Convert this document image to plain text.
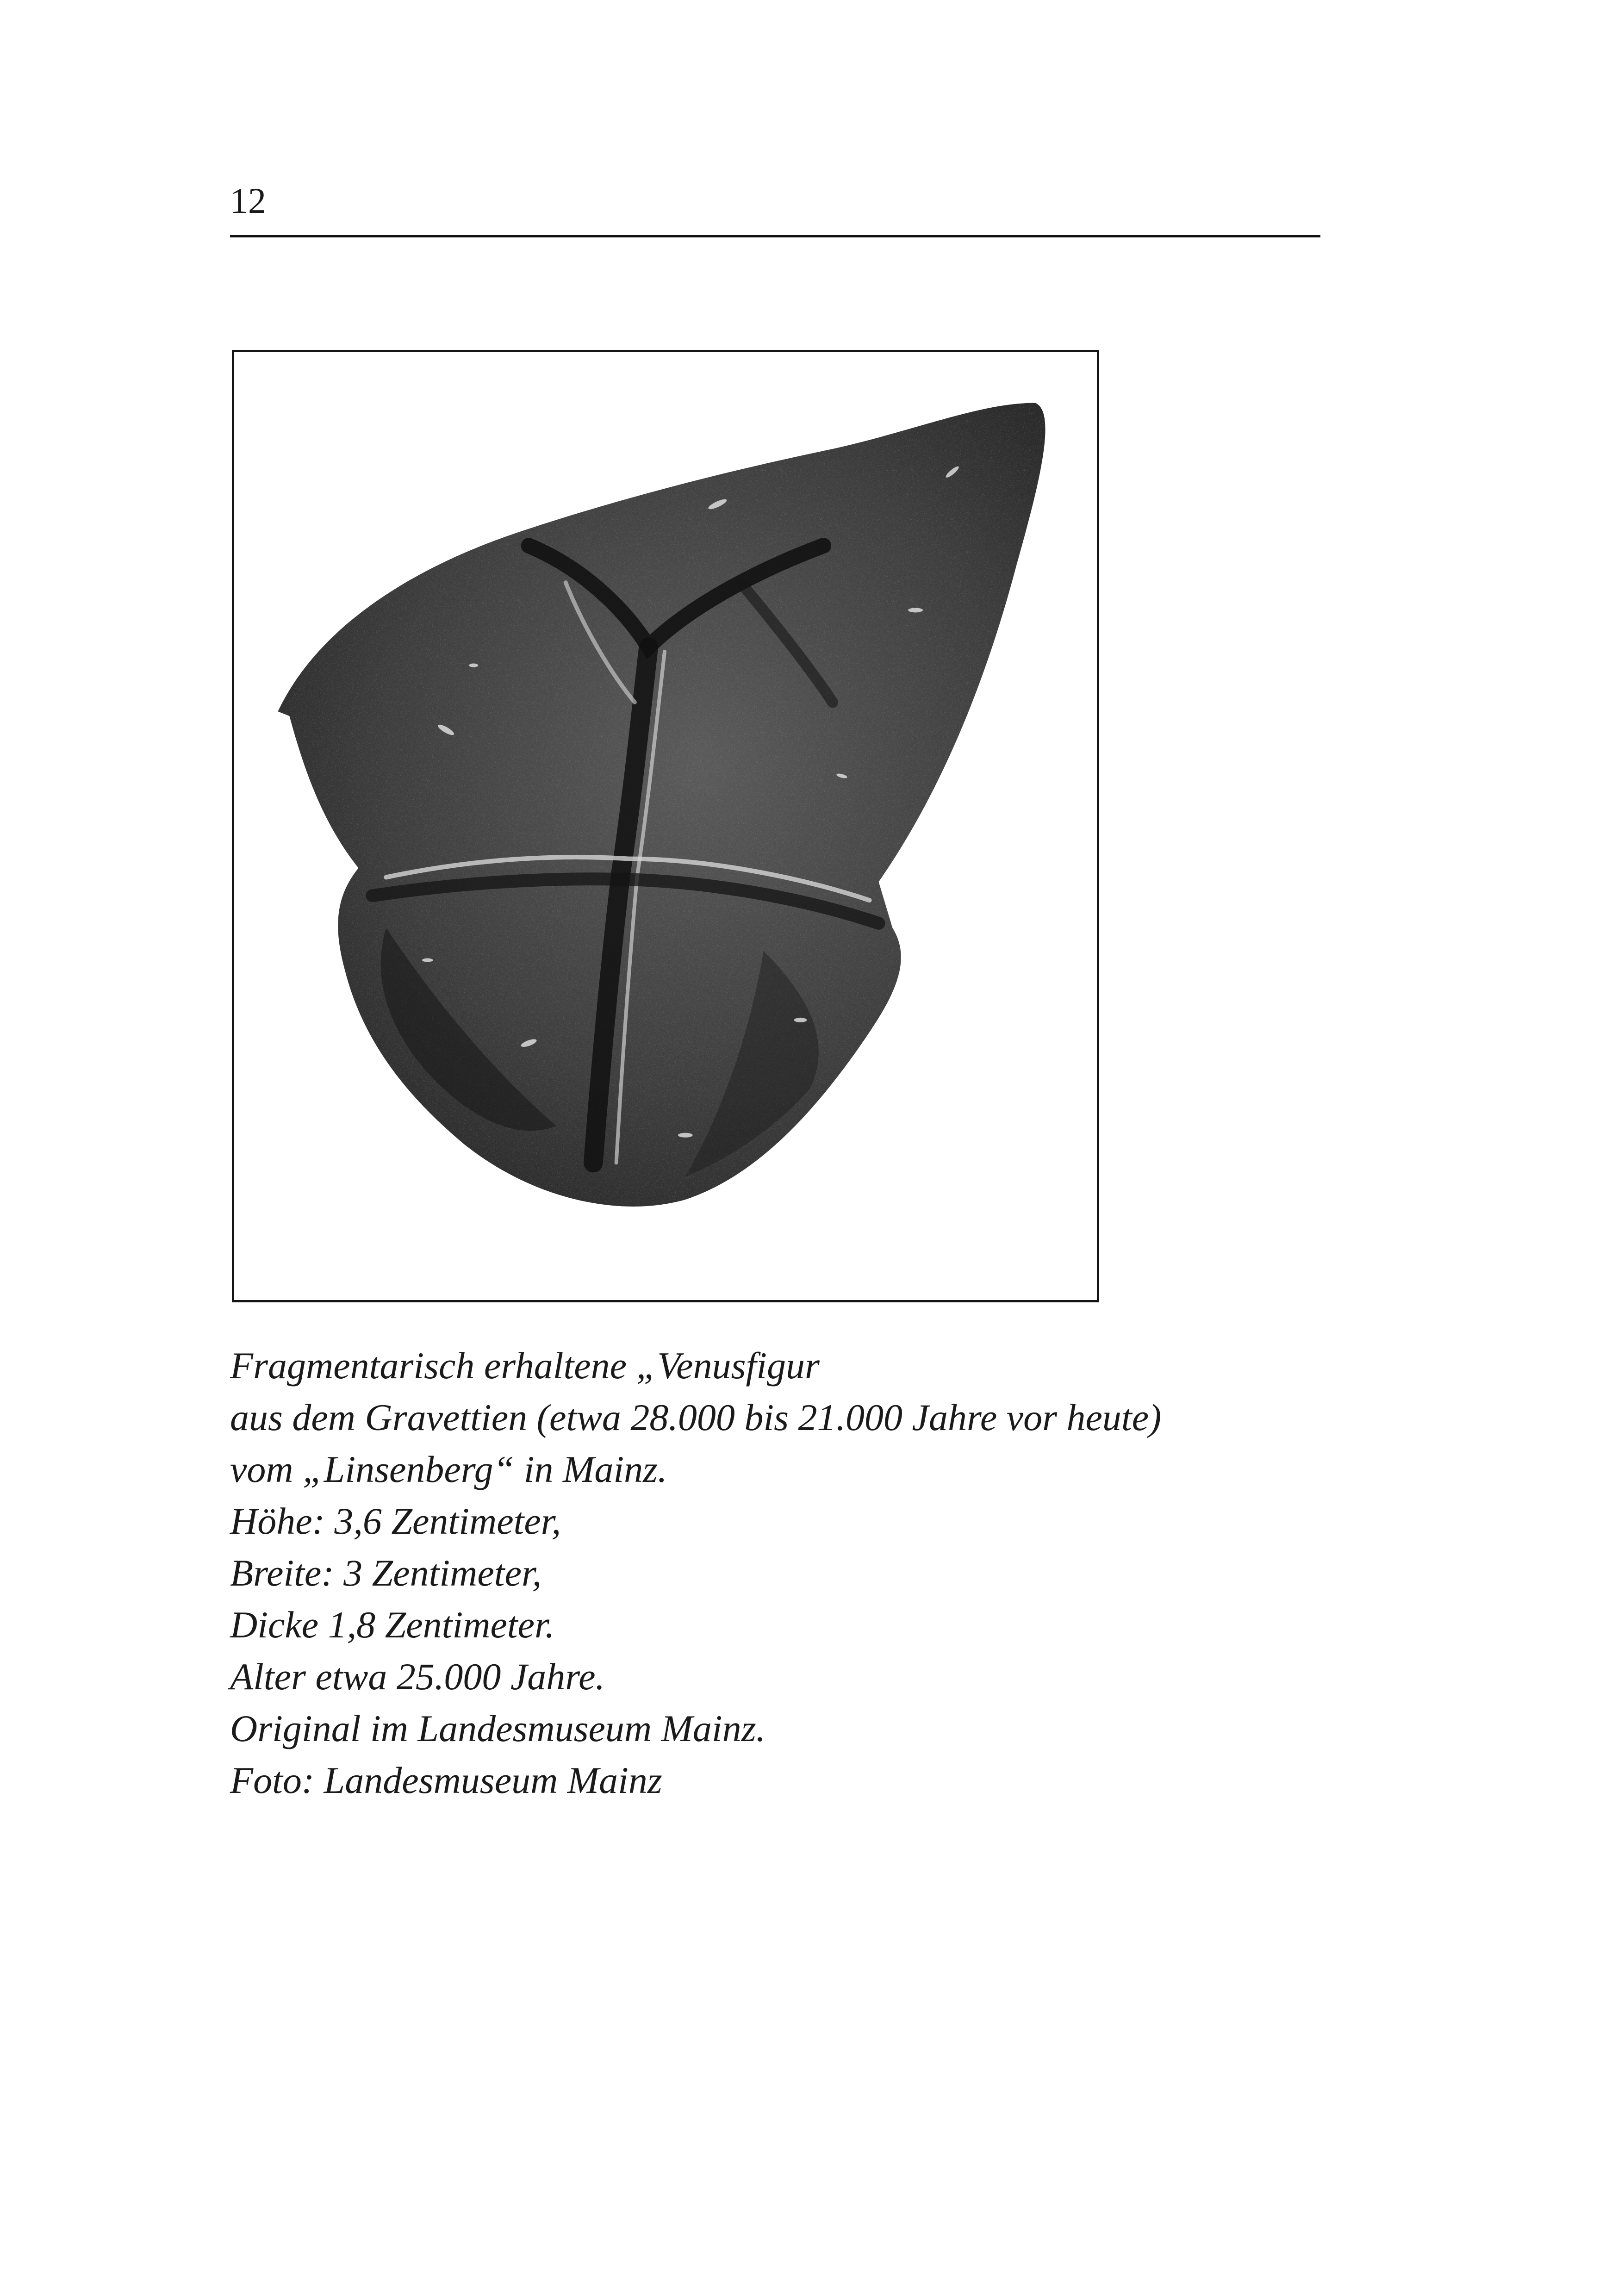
12
Fragmentarisch erhaltene „Venusfigur
aus dem Gravettien (etwa 28.000 bis 21.000 Jahre vor heute)
vom „Linsenberg“ in Mainz.
Höhe: 3,6 Zentimeter,
Breite: 3 Zentimeter,
Dicke 1,8 Zentimeter.
Alter etwa 25.000 Jahre.
Original im Landesmuseum Mainz.
Foto: Landesmuseum Mainz
